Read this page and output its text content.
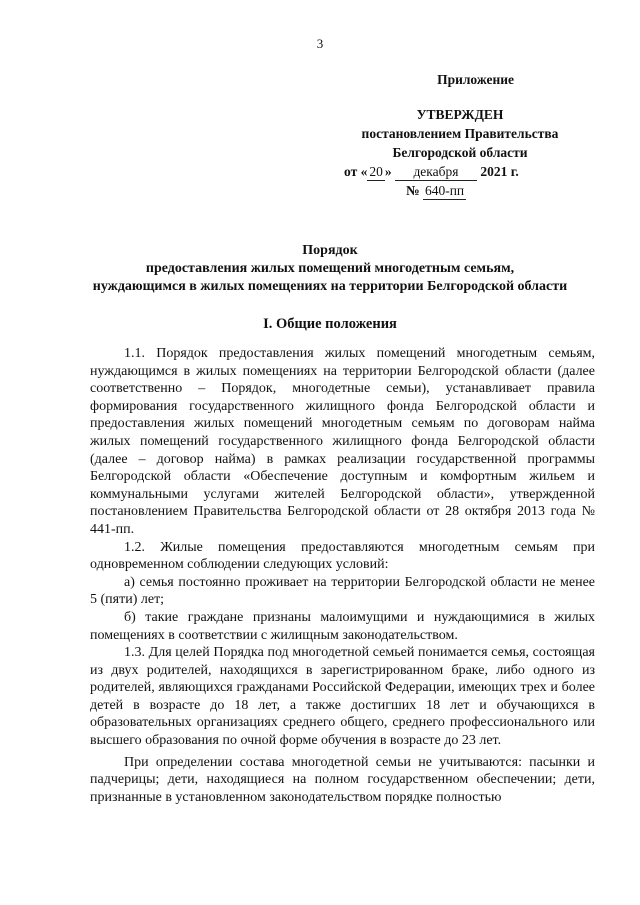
3
Приложение
УТВЕРЖДЕН
постановлением Правительства
Белгородской области
от « 20 » декабря 2021 г.
№ 640-пп
Порядок
предоставления жилых помещений многодетным семьям,
нуждающимся в жилых помещениях на территории Белгородской области
I. Общие положения

1.1. Порядок предоставления жилых помещений многодетным семьям, нуждающимся в жилых помещениях на территории Белгородской области (далее соответственно – Порядок, многодетные семьи), устанавливает правила формирования государственного жилищного фонда Белгородской области и предоставления жилых помещений многодетным семьям по договорам найма жилых помещений государственного жилищного фонда Белгородской области (далее – договор найма) в рамках реализации государственной программы Белгородской области «Обеспечение доступным и комфортным жильем и коммунальными услугами жителей Белгородской области», утвержденной постановлением Правительства Белгородской области от 28 октября 2013 года № 441-пп.

1.2. Жилые помещения предоставляются многодетным семьям при одновременном соблюдении следующих условий:

а) семья постоянно проживает на территории Белгородской области не менее 5 (пяти) лет;

б) такие граждане признаны малоимущими и нуждающимися в жилых помещениях в соответствии с жилищным законодательством.

1.3. Для целей Порядка под многодетной семьей понимается семья, состоящая из двух родителей, находящихся в зарегистрированном браке, либо одного из родителей, являющихся гражданами Российской Федерации, имеющих трех и более детей в возрасте до 18 лет, а также достигших 18 лет и обучающихся в образовательных организациях среднего общего, среднего профессионального или высшего образования по очной форме обучения в возрасте до 23 лет.

При определении состава многодетной семьи не учитываются: пасынки и падчерицы; дети, находящиеся на полном государственном обеспечении; дети, признанные в установленном законодательством порядке полностью
